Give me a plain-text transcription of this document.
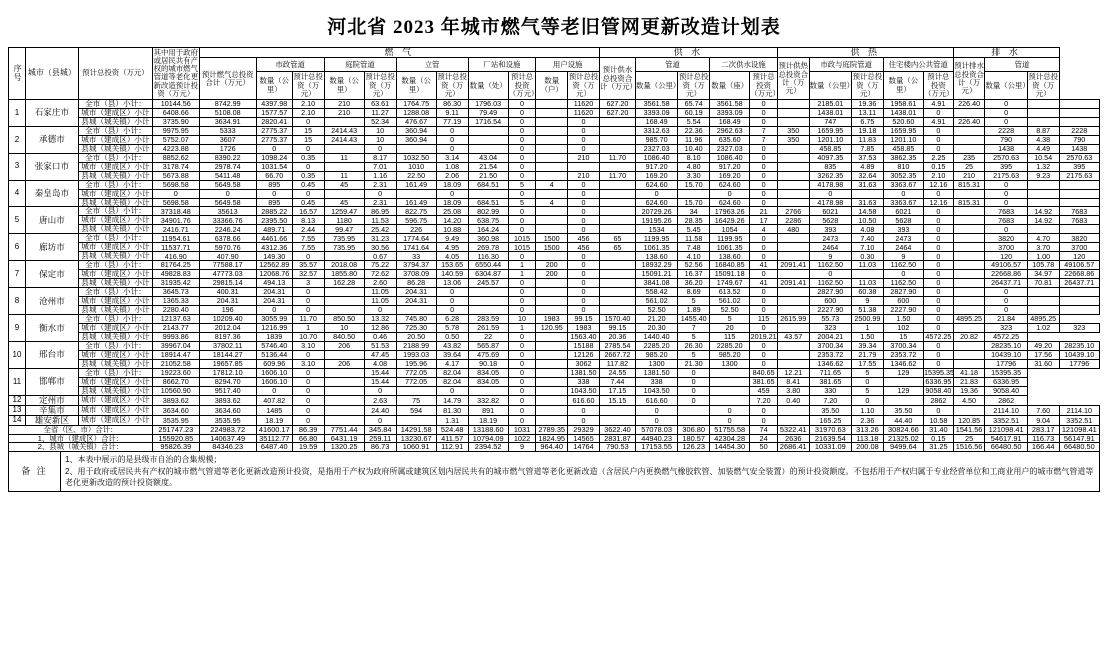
河北省 2023 年城市燃气等老旧管网更新改造计划表
序号	城市（县城）	预计总投资（万元）	其中用于政府或居民共有产权的城市燃气管道等老化更新改造预计投资（万元）	燃 气											供 水					供 热					排 水			
				预计燃气总投资合计（万元）	市政管道		庭院管道		立管		厂站和设施		用户设施		预计供水总投资合计（万元）	管道		二次供水设施		预计供热总投资合计（万元）	市政与庭院管道		住宅楼内公共管道		预计排水总投资合计（万元）	管道		
					数量（公里）	预计总投资（万元）	数量（公里）	预计总投资（万元）	数量（公里）	预计总投资（万元）	数量（处）	预计总投资（万元）	数量（户）	预计总投资（万元）		数量（公里）	预计总投资（万元）	数量（座）	预计总投资（万元）		数量（公里）	预计总投资（万元）	数量（公里）	预计总投资（万元）		数量（公里）	预计总投资（万元）	
1	石家庄市	全市（县）小计：	10144.56	8742.99	4397.98	2.10	210	63.61	1764.75	86.30	1796.03	0		11620	627.20	3561.58	65.74	3561.58	0		2185.01	19.36	1958.61	4.91	226.40	0		
		城市（建成区）小计	6408.66	5108.08	1577.57	2.10	210	11.27	1288.08	9.11	79.49	0		11620	627.20	3393.09	60.19	3393.09	0		1438.01	13.11	1438.01	0		0		
		县城（城关镇）小计	3735.90	3634.91	2820.41	0		52.34	476.67	77.19	1716.54	0		0		168.49	5.54	168.49	0		747	6.75	520.60	4.91	226.40	0		
2	承德市	全市（县）小计：	9975.95	5333	2775.37	15	2414.43	10	360.94	0		0		0		3312.63	22.36	2962.63	7	350	1659.95	19.18	1659.95	0		2228	8.87	2228
		城市（建成区）小计	5752.07	3607	2775.37	15	2414.43	10	360.94	0		0		0		985.70	11.96	635.60	7	350	1201.10	11.83	1201.10	0		790	4.38	790
		县城（城关镇）小计	4223.88	1726	0	0		0		0		0		0		2327.03	10.40	2327.03	0		458.85	7.85	458.85	0		1438	4.49	1438
3	张家口市	全市（县）小计：	8852.62	8390.22	1098.24	0.35	11	8.17	1032.50	3.14	43.04	0		210	11.70	1086.40	8.10	1086.40	0		4097.35	37.53	3862.35	2.25	235	2570.63	10.54	2570.63
		城市（建成区）小计	3178.74	2978.74	1031.54	0		7.01	1010	1.08	21.54	0				917.20	4.80	917.20	0		835	4.89	810	0.15	25	395	1.32	395
		县城（城关镇）小计	5673.88	5411.48	66.70	0.35	11	1.16	22.50	2.06	21.50	0		210	11.70	169.20	3.30	169.20	0		3262.35	32.64	3052.35	2.10	210	2175.63	9.23	2175.63
4	秦皇岛市	全市（县）小计：	5698.58	5649.58	895	0.45	45	2.31	161.49	18.09	684.51	5	4	0		624.60	15.70	624.60	0		4178.98	31.63	3363.67	12.16	815.31	0		
		城市（建成区）小计	0	0	0	0		0		0		0		0		0		0	0		0		0	0		0		
		县城（城关镇）小计	5698.58	5649.58	895	0.45	45	2.31	161.49	18.09	684.51	5	4	0		624.60	15.70	624.60	0		4178.98	31.63	3363.67	12.16	815.31	0		
5	唐山市	全市（县）小计：	37318.48	35613	2885.22	16.57	1259.47	86.95	822.75	25.08	802.99	0		0		20729.26	34	17963.26	21	2766	6021	14.58	6021	0		7683	14.92	7683
		城市（建成区）小计	34901.76	33366.76	2395.50	8.13	1180	11.53	596.75	14.20	638.75	0		0		19195.26	28.35	16429.26	17	2286	5628	10.50	5628	0		7683	14.92	7683
		县城（城关镇）小计	2416.71	2246.24	489.71	2.44	99.47	25.42	226	10.88	164.24	0		0		1534	5.45	1054	4	480	393	4.08	393	0		0		
6	廊坊市	全市（县）小计：	11954.61	6378.66	4461.66	7.55	735.95	31.23	1774.64	9.49	360.98	1015	1500	456	65	1199.95	11.58	1199.95	0		2473	7.40	2473	0		3820	4.70	3820
		城市（建成区）小计	11537.71	5970.76	4312.36	7.55	735.95	30.56	1741.64	4.95	269.78	1015	1500	456	65	1061.35	7.48	1061.35	0		2464	7.10	2464	0		3700	3.70	3700
		县城（城关镇）小计	416.90	407.90	149.30	0		0.67	33	4.05	116.30	0		0		138.60	4.10	138.60	0		9	0.30	9	0		120	1.00	120
7	保定市	全市（县）小计：	81764.25	77588.17	12562.89	35.57	2018.08	75.22	3794.37	153.65	6550.44	1	200	0		18932.29	52.56	16840.85	41	2091.41	1162.50	11.03	1162.50	0		49106.57	105.78	49106.57
		城市（建成区）小计	49828.83	47773.03	12068.76	32.57	1855.80	72.62	3708.09	140.59	6304.87	1	200	0		15091.21	16.37	15091.18	0		0		0	0		22668.86	34.97	22668.86
		县城（城关镇）小计	31935.42	29815.14	494.13	3	162.28	2.60	86.28	13.06	245.57	0		0		3841.08	36.20	1749.67	41	2091.41	1162.50	11.03	1162.50	0		26437.71	70.81	26437.71
8	沧州市	全市（县）小计：	3645.73	400.31	204.31	0		11.05	204.31	0		0		0		558.42	8.69	613.52	0		2827.90	60.38	2827.90	0		0		
		城市（建成区）小计	1365.33	204.31	204.31	0		11.05	204.31	0		0		0		561.02	5	561.02	0		600	9	600	0		0		
		县城（城关镇）小计	2280.40	196	0	0		0		0		0		0		52.50	1.89	52.50	0		2227.90	51.38	2227.90	0		0		
9	衡水市	全市（县）小计：	12137.63	10209.40	3055.99	11.70	850.50	13.32	745.80	6.28	283.59	10	1983	99.15	1570.40	21.20	1455.40	5	115	2615.99	55.73	2500.99	1.50	0	4895.25	21.84	4895.25	
		城市（建成区）小计	2143.77	2012.04	1216.99	1	10	12.86	725.30	5.78	261.59	1	120.95	1983	99.15	20.30	7	20	0		323	1	102	0		323	1.02	323
		县城（城关镇）小计	9993.86	8197.36	1839	10.70	840.50	0.46	20.50	0.50	22	0		1563.40	20.36	1440.40	5	115	2019.21	43.57	2004.21	1.50	15	4572.25	20.82	4572.25		
10	邢台市	全市（县）小计：	39967.04	37802.11	5746.40	3.10	206	51.53	2188.99	43.82	565.87	0		15188	2785.54	2285.20	26.30	2285.20	0		3700.34	39.34	3700.34	0		28235.10	49.20	28235.10
		城市（建成区）小计	18914.47	18144.27	5136.44	0		47.45	1993.03	39.64	475.69	0		12126	2667.72	985.20	5	985.20	0		2353.72	21.79	2353.72	0		10439.10	17.56	10439.10
		县城（城关镇）小计	21052.58	19657.85	609.96	3.10	206	4.08	195.96	4.17	90.18	0		3062	117.82	1300	21.30	1300	0		1346.62	17.55	1346.62	0		17796	31.60	17796
11	邯郸市	全市（县）小计：	19223.60	17812.10	1606.10	0		15.44	772.05	82.04	834.05	0		1381.50	24.55	1381.50	0		840.65	12.21	711.65	5	129	15395.35	41.18	15395.35		
		城市（建成区）小计	8662.70	8294.70	1606.10	0		15.44	772.05	82.04	834.05	0		338	7.44	338	0		381.65	8.41	381.65	0		6336.95	21.83	6336.95		
		县城（城关镇）小计	10560.90	9517.40	0	0		0		0		0		1043.50	17.15	1043.50	0		459	3.80	330	5	129	9058.40	19.36	9058.40		
12	定州市	城市（建成区）小计	3893.62	3893.62	407.82	0		2.63	75	14.79	332.82	0		616.60	15.15	616.60	0		7.20	0.40	7.20	0		2862	4.50	2862		
13	辛集市	城市（建成区）小计	3634.60	3634.60	1485	0		24.40	594	81.30	891	0		0		0		0	0		35.50	1.10	35.50	0		2114.10	7.60	2114.10
14	雄安新区	城市（建成区）小计	3535.95	3535.95	18.19	0		0		1.31	18.19	0		0		0		0	0		165.25	2.36	44.40	10.58	120.85	3352.51	9.04	3352.51
全省（区、市）合计：			251747.23	224983.72	41600.17	86.39	7751.44	345.84	14291.58	524.48	13188.60	1031	2789.35	29329	3622.40	57078.03	306.80	51755.58	74	5322.41	31970.63	313.26	30824.66	31.40	1541.56	121098.41	283.17	121098.41
1、城市（建成区）合计：			155920.85	140637.49	35112.77	66.80	6431.19	259.11	13230.67	411.57	10794.09	1022	1824.95	14565	2831.87	44940.23	180.57	42304.28	24	2636	21639.54	113.18	21325.02	0.15	25	54617.91	116.73	56147.91
2、县城（城关镇）合计：			95826.39	84346.23	6487.40	19.59	1320.25	86.73	1060.91	112.91	2394.52	9	964.40	14764	790.53	17153.55	126.23	14454.30	50	2686.41	10331.09	200.08	9499.64	31.25	1516.56	66480.50	166.44	66480.50
备 注	
1、本表中展示的是县级市自治的合集规模；
2、用于政府或居民共有产权的城市燃气管道等老化更新改造预计投资，是指用于产权为政府所属或建筑区划内居民共有的城市燃气管道等老化更新改造（含居民户内更换燃气橡胶软管、加装燃气安全装置）的预计投资额度。不包括用于产权归属于专业经营单位和工商业用户的城市燃气管道等老化更新改造的预计投资额度。
